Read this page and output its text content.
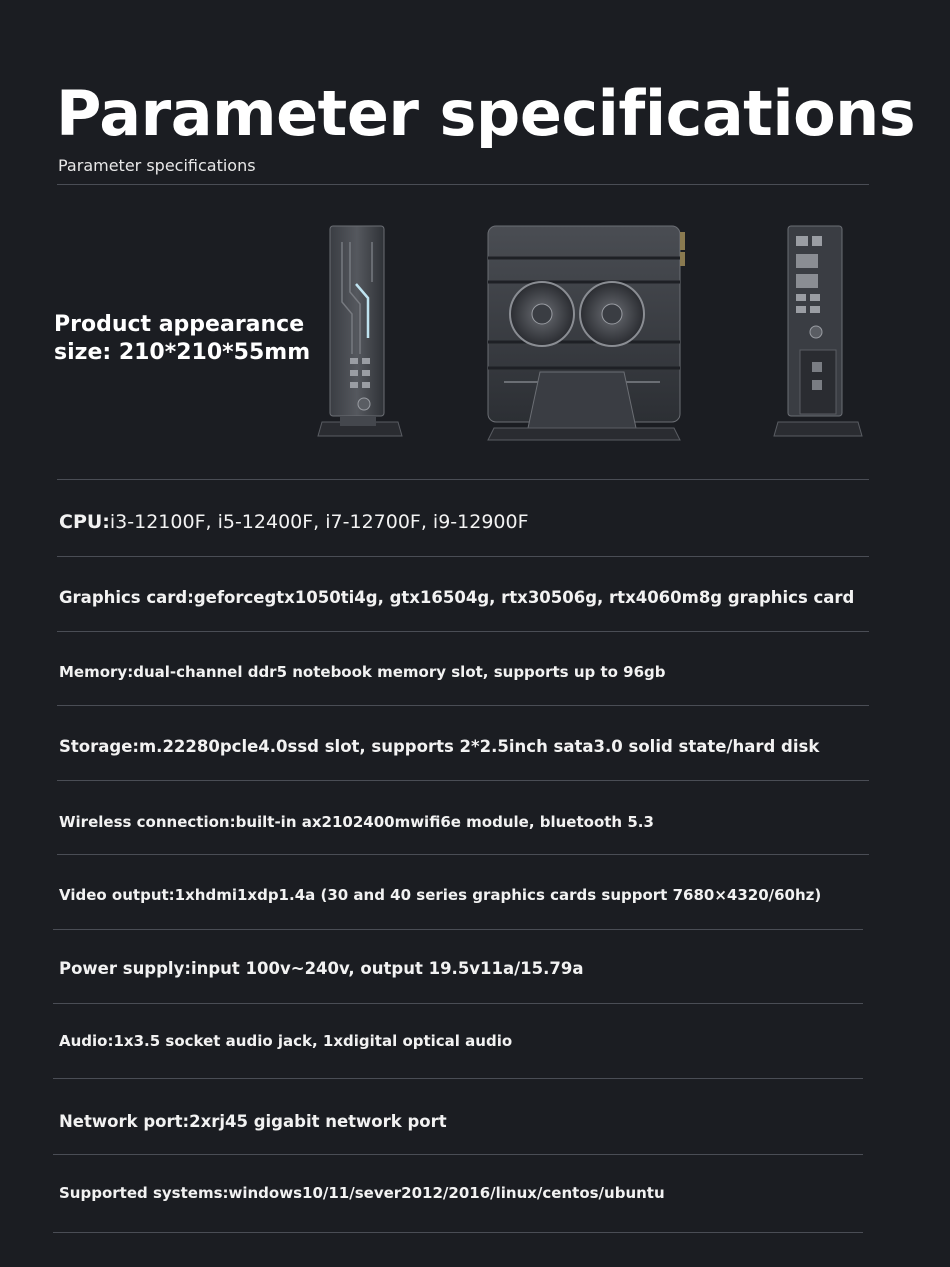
Parameter specifications
Parameter specifications
Product appearance
size: 210*210*55mm
CPU: i3-12100F, i5-12400F, i7-12700F, i9-12900F
Graphics card: geforcegtx1050ti4g, gtx16504g, rtx30506g, rtx4060m8g graphics card
Memory: dual-channel ddr5 notebook memory slot, supports up to 96gb
Storage: m.22280pcle4.0ssd slot, supports 2*2.5inch sata3.0 solid state/hard disk
Wireless connection: built-in ax2102400mwifi6e module, bluetooth 5.3
Video output: 1xhdmi1xdp1.4a (30 and 40 series graphics cards support 7680×4320/60hz)
Power supply: input 100v~240v, output 19.5v11a/15.79a
Audio: 1x3.5 socket audio jack, 1xdigital optical audio
Network port: 2xrj45 gigabit network port
Supported systems: windows10/11/sever2012/2016/linux/centos/ubuntu
